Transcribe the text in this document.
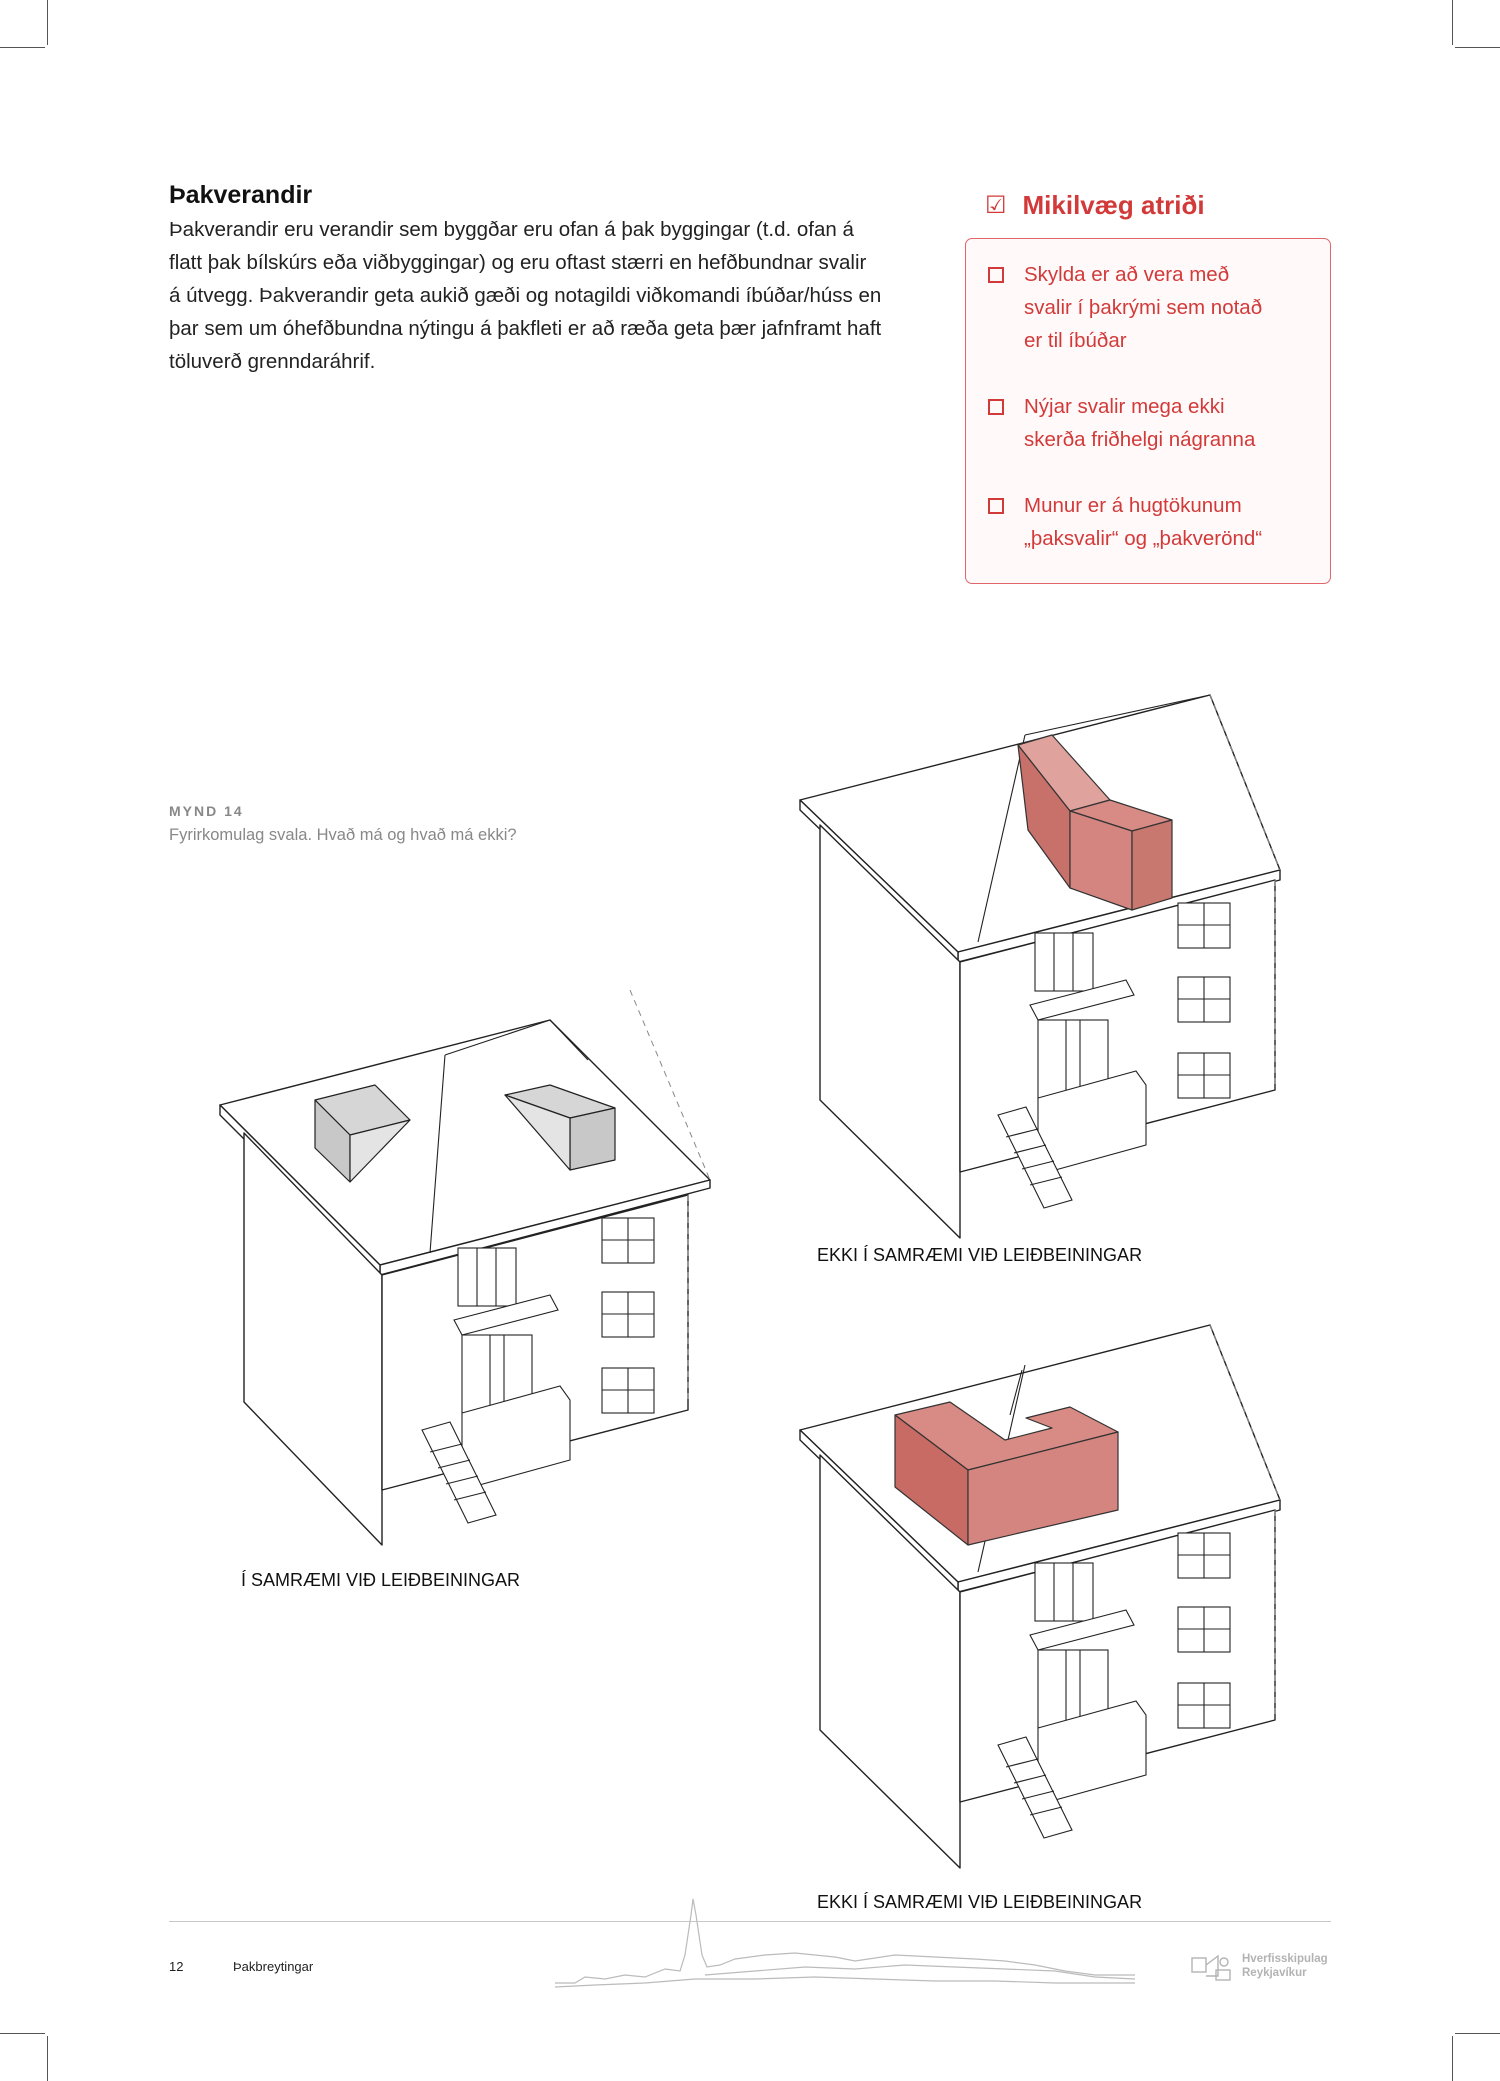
Þakverandir
Þakverandir eru verandir sem byggðar eru ofan á þak byggingar (t.d. ofan á
flatt þak bílskúrs eða viðbyggingar) og eru oftast stærri en hefðbundnar svalir
á útvegg. Þakverandir geta aukið gæði og notagildi viðkomandi íbúðar/húss en
þar sem um óhefðbundna nýtingu á þakfleti er að ræða geta þær jafnframt haft
töluverð grenndaráhrif.
☑ Mikilvæg atriði
Skylda er að vera með
svalir í þakrými sem notað
er til íbúðar
Nýjar svalir mega ekki
skerða friðhelgi nágranna
Munur er á hugtökunum
„þaksvalir“ og „þakverönd“
MYND 14
Fyrirkomulag svala. Hvað má og hvað má ekki?
Í SAMRÆMI VIÐ LEIÐBEININGAR
EKKI Í SAMRÆMI VIÐ LEIÐBEININGAR
EKKI Í SAMRÆMI VIÐ LEIÐBEININGAR
12	Þakbreytingar	Hverfisskipulag
Reykjavíkur
